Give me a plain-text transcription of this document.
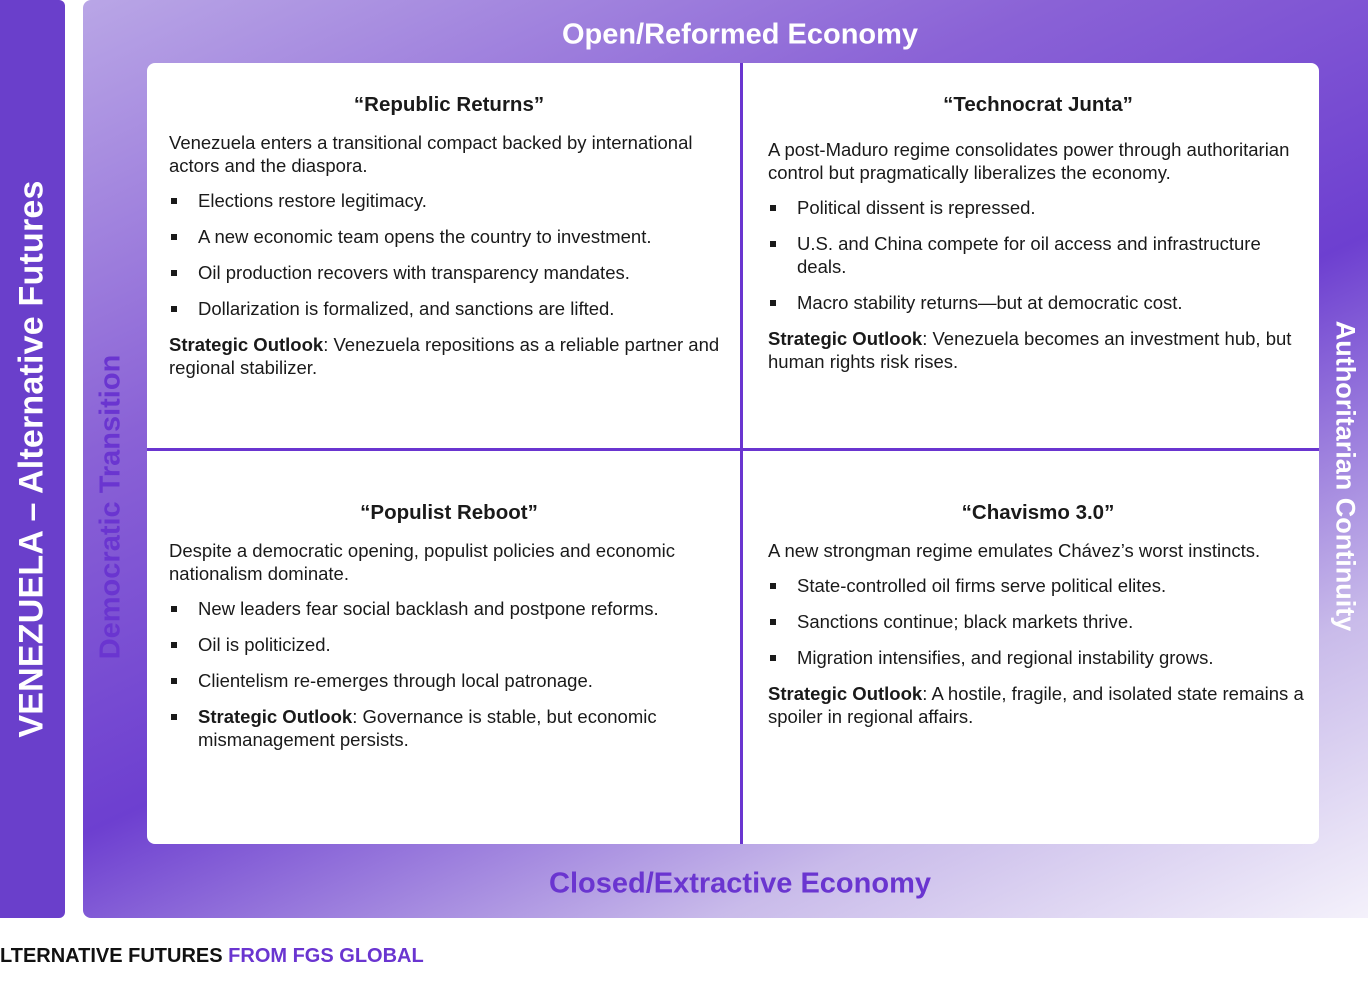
VENEZUELA – Alternative Futures
Open/Reformed Economy
Closed/Extractive Economy
Democratic Transition	Authoritarian Continuity
“Republic Returns”

Venezuela enters a transitional compact backed by international actors and the diaspora.

Elections restore legitimacy.
A new economic team opens the country to investment.
Oil production recovers with transparency mandates.
Dollarization is formalized, and sanctions are lifted.

Strategic Outlook: Venezuela repositions as a reliable partner and regional stabilizer.

“Technocrat Junta”

A post-Maduro regime consolidates power through authoritarian control but pragmatically liberalizes the economy.

Political dissent is repressed.
U.S. and China compete for oil access and infrastructure deals.
Macro stability returns—but at democratic cost.

Strategic Outlook: Venezuela becomes an investment hub, but human rights risk rises.

“Populist Reboot”

Despite a democratic opening, populist policies and economic nationalism dominate.

New leaders fear social backlash and postpone reforms.
Oil is politicized.
Clientelism re-emerges through local patronage.
Strategic Outlook: Governance is stable, but economic mismanagement persists.
“Chavismo 3.0”

A new strongman regime emulates Chávez’s worst instincts.

State-controlled oil firms serve political elites.
Sanctions continue; black markets thrive.
Migration intensifies, and regional instability grows.

Strategic Outlook: A hostile, fragile, and isolated state remains a spoiler in regional affairs.

LTERNATIVE FUTURES FROM FGS GLOBAL
